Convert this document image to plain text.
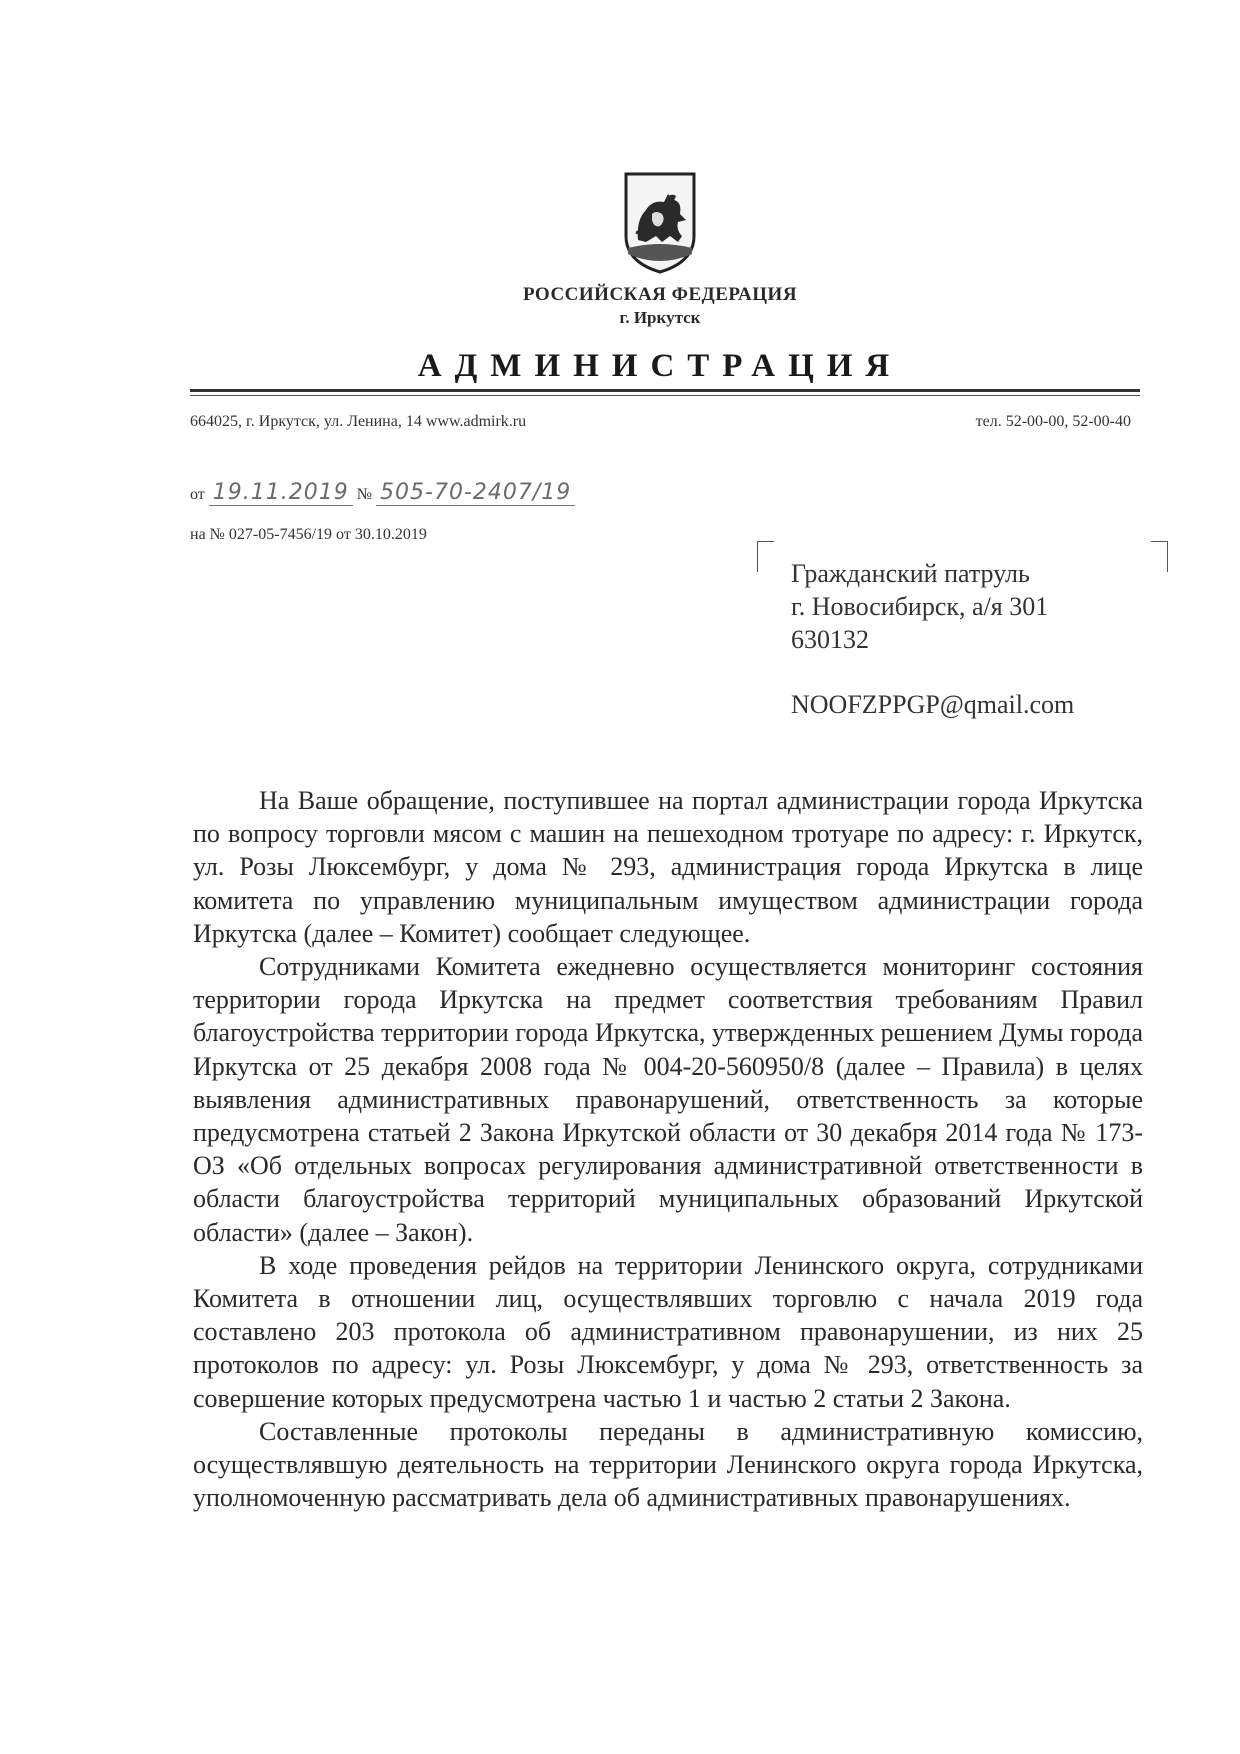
РОССИЙСКАЯ ФЕДЕРАЦИЯ
г. Иркутск
АДМИНИСТРАЦИЯ
664025, г. Иркутск, ул. Ленина, 14 www.admirk.ru	тел. 52-00-00, 52-00-40
от 19.11.2019 № 505-70-2407/19
на № 027-05-7456/19 от 30.10.2019
Гражданский патруль
г. Новосибирск, а/я 301
630132
NOOFZPPGP@qmail.com

На Ваше обращение, поступившее на портал администрации города Иркутска по вопросу торговли мясом с машин на пешеходном тротуаре по адресу: г. Иркутск, ул. Розы Люксембург, у дома № 293, администрация города Иркутска в лице комитета по управлению муниципальным имуществом администрации города Иркутска (далее – Комитет) сообщает следующее.

Сотрудниками Комитета ежедневно осуществляется мониторинг состояния территории города Иркутска на предмет соответствия требованиям Правил благоустройства территории города Иркутска, утвержденных решением Думы города Иркутска от 25 декабря 2008 года № 004-20-560950/8 (далее – Правила) в целях выявления административных правонарушений, ответственность за которые предусмотрена статьей 2 Закона Иркутской области от 30 декабря 2014 года № 173-ОЗ «Об отдельных вопросах регулирования административной ответственности в области благоустройства территорий муниципальных образований Иркутской области» (далее – Закон).

В ходе проведения рейдов на территории Ленинского округа, сотрудниками Комитета в отношении лиц, осуществлявших торговлю с начала 2019 года составлено 203 протокола об административном правонарушении, из них 25 протоколов по адресу: ул. Розы Люксембург, у дома № 293, ответственность за совершение которых предусмотрена частью 1 и частью 2 статьи 2 Закона.

Составленные протоколы переданы в административную комиссию, осуществлявшую деятельность на территории Ленинского округа города Иркутска, уполномоченную рассматривать дела об административных правонарушениях.
